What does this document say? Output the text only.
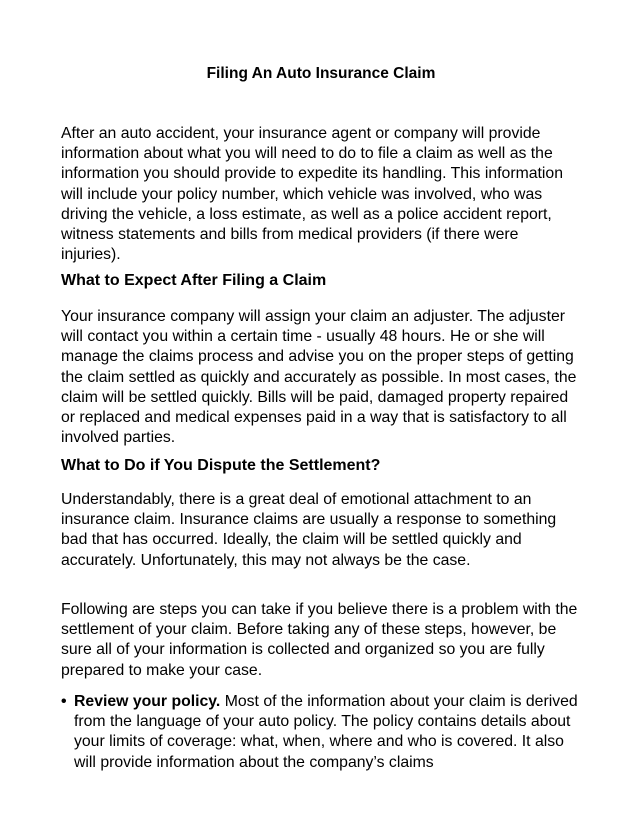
Filing An Auto Insurance Claim

After an auto accident, your insurance agent or company will provide information about what you will need to do to file a claim as well as the information you should provide to expedite its handling. This information will include your policy number, which vehicle was involved, who was driving the vehicle, a loss estimate, as well as a police accident report, witness statements and bills from medical providers (if there were injuries).

What to Expect After Filing a Claim

Your insurance company will assign your claim an adjuster. The adjuster will contact you within a certain time - usually 48 hours. He or she will manage the claims process and advise you on the proper steps of getting the claim settled as quickly and accurately as possible. In most cases, the claim will be settled quickly. Bills will be paid, damaged property repaired or replaced and medical expenses paid in a way that is satisfactory to all involved parties.

What to Do if You Dispute the Settlement?

Understandably, there is a great deal of emotional attachment to an insurance claim. Insurance claims are usually a response to something bad that has occurred. Ideally, the claim will be settled quickly and accurately. Unfortunately, this may not always be the case.

Following are steps you can take if you believe there is a problem with the settlement of your claim. Before taking any of these steps, however, be sure all of your information is collected and organized so you are fully prepared to make your case.

• Review your policy. Most of the information about your claim is derived from the language of your auto policy. The policy contains details about your limits of coverage: what, when, where and who is covered. It also will provide information about the company’s claims
